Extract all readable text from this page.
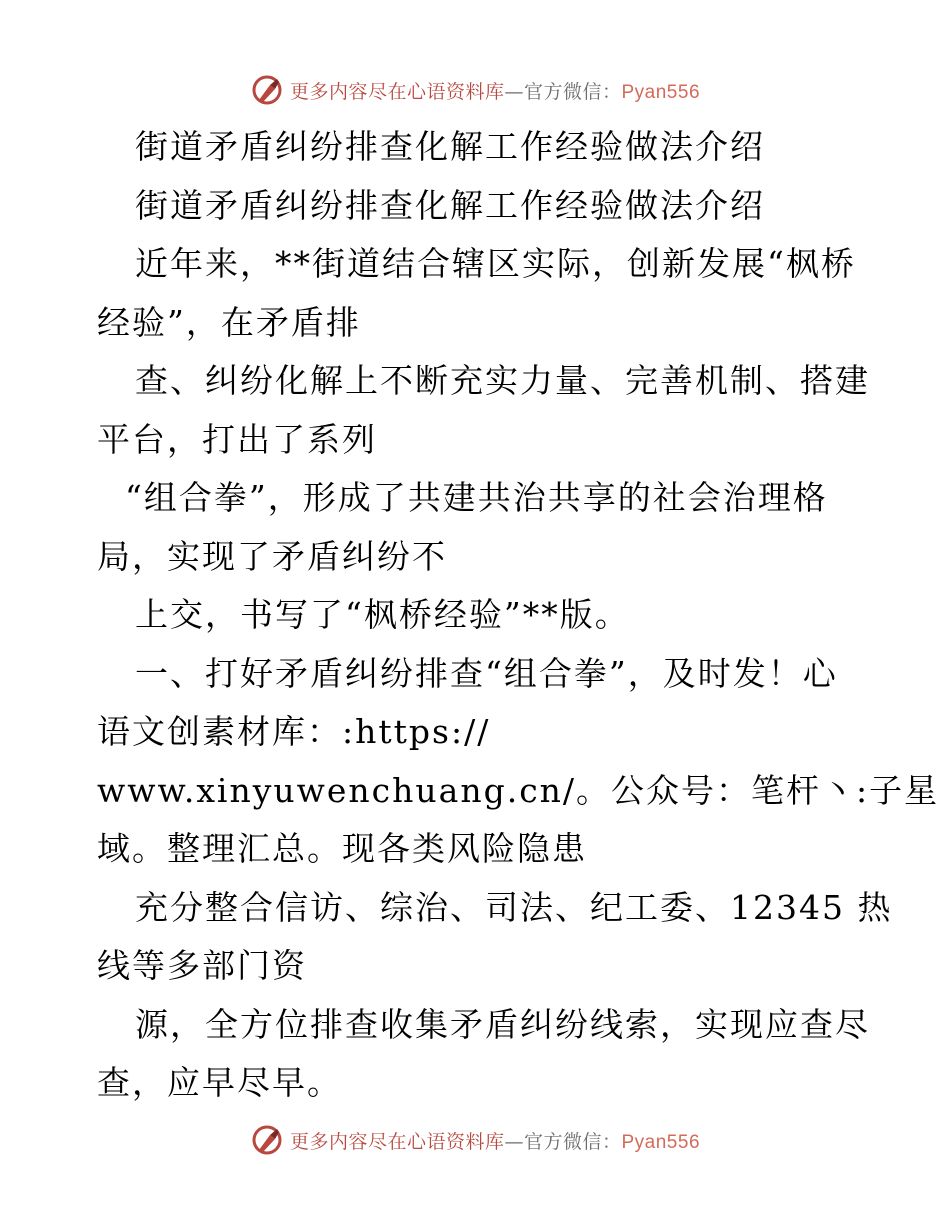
更多内容尽在心语资料库—官方微信：Pyan556
街道矛盾纠纷排查化解工作经验做法介绍
街道矛盾纠纷排查化解工作经验做法介绍
近年来，**街道结合辖区实际，创新发展“枫桥
经验”，在矛盾排
查、纠纷化解上不断充实力量、完善机制、搭建
平台，打出了系列
“组合拳”，形成了共建共治共享的社会治理格
局，实现了矛盾纠纷不
上交，书写了“枫桥经验”**版。
一、打好矛盾纠纷排查“组合拳”，及时发！心
语文创素材库：:https://
www.xinyuwenchuang.cn/。公众号：笔杆丶:子星
域。整理汇总。现各类风险隐患
充分整合信访、综治、司法、纪工委、12345 热
线等多部门资
源，全方位排查收集矛盾纠纷线索，实现应查尽
查，应早尽早。
更多内容尽在心语资料库—官方微信：Pyan556
